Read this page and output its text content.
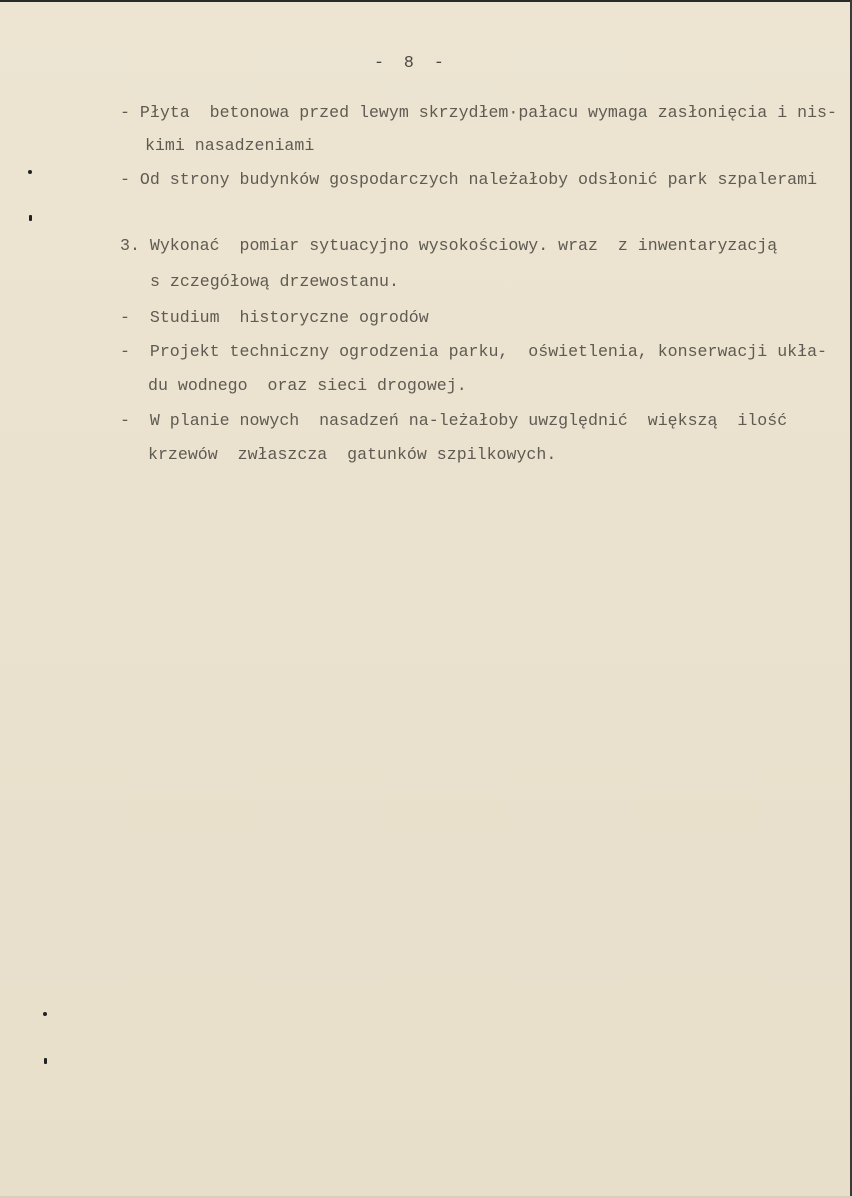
- 8 -
- Płyta  betonowa przed lewym skrzydłem·pałacu wymaga zasłonięcia i nis-
kimi nasadzeniami
- Od strony budynków gospodarczych należałoby odsłonić park szpalerami
3. Wykonać  pomiar sytuacyjno wysokościowy. wraz  z inwentaryzacją
s zczegółową drzewostanu.
-  Studium  historyczne ogrodów
-  Projekt techniczny ogrodzenia parku,  oświetlenia, konserwacji ukła-
du wodnego  oraz sieci drogowej.
-  W planie nowych  nasadzeń na-leżałoby uwzględnić  większą  ilość
krzewów  zwłaszcza  gatunków szpilkowych.
